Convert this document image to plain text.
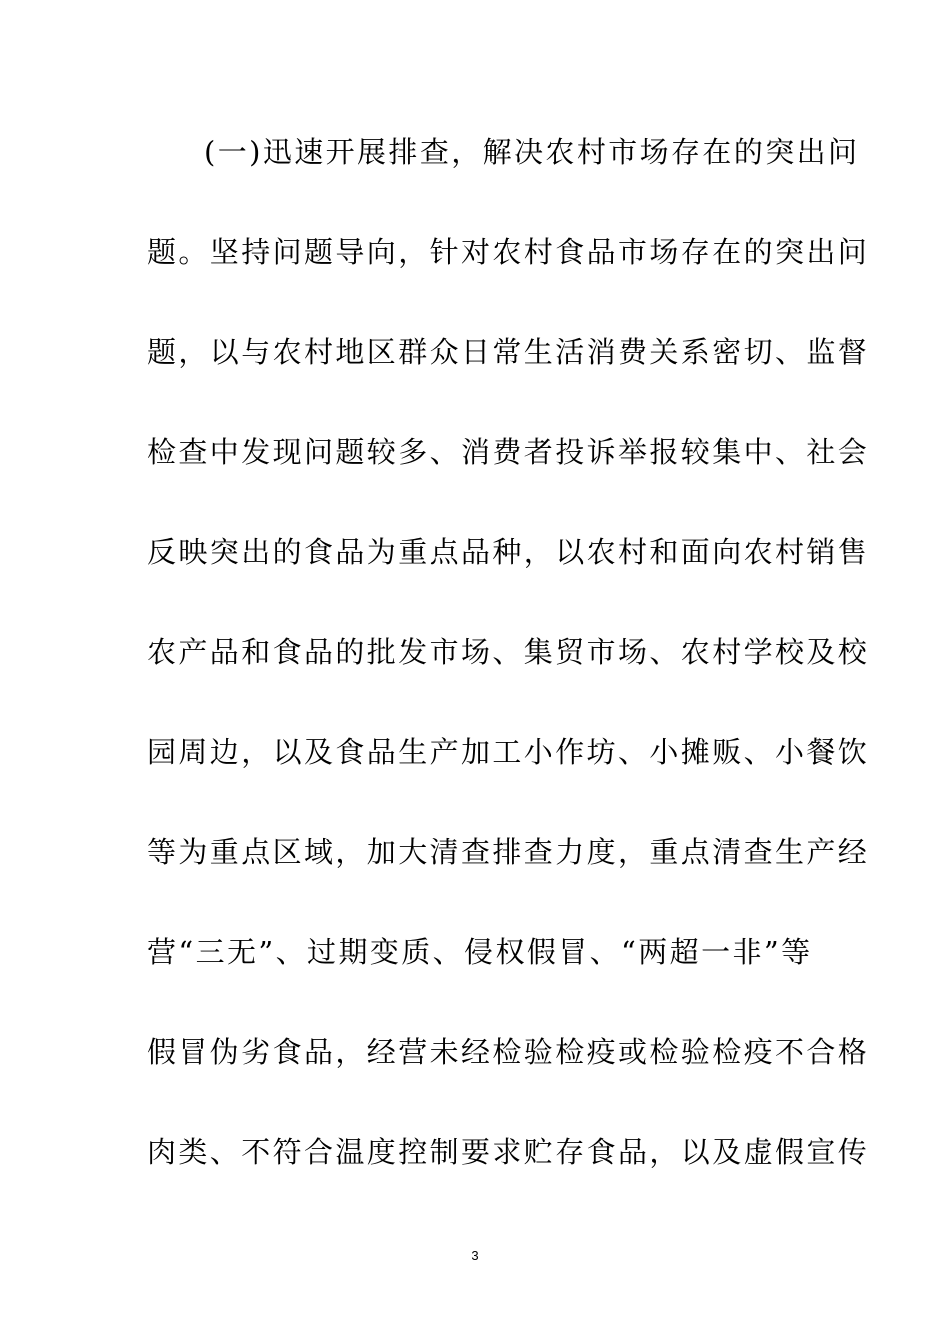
(一)迅速开展排查，解决农村市场存在的突出问
题。坚持问题导向，针对农村食品市场存在的突出问
题，以与农村地区群众日常生活消费关系密切、监督
检查中发现问题较多、消费者投诉举报较集中、社会
反映突出的食品为重点品种，以农村和面向农村销售
农产品和食品的批发市场、集贸市场、农村学校及校
园周边，以及食品生产加工小作坊、小摊贩、小餐饮
等为重点区域，加大清查排查力度，重点清查生产经
营“三无”、过期变质、侵权假冒、“两超一非”等
假冒伪劣食品，经营未经检验检疫或检验检疫不合格
肉类、不符合温度控制要求贮存食品，以及虚假宣传
3
